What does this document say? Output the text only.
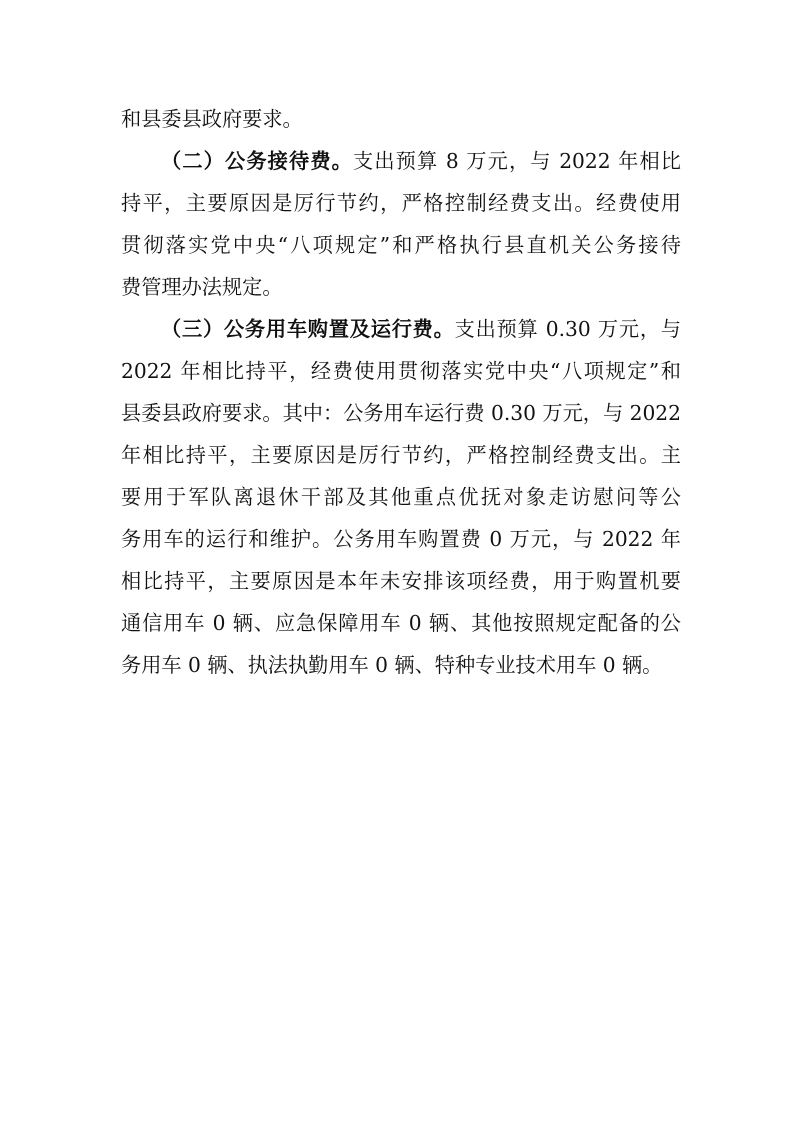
和县委县政府要求。
（二）公务接待费。支出预算 8 万元，与 2022 年相比
持平，主要原因是厉行节约，严格控制经费支出。经费使用
贯彻落实党中央“八项规定”和严格执行县直机关公务接待
费管理办法规定。
（三）公务用车购置及运行费。支出预算 0.30 万元，与
2022 年相比持平，经费使用贯彻落实党中央“八项规定”和
县委县政府要求。其中：公务用车运行费 0.30 万元，与 2022
年相比持平，主要原因是厉行节约，严格控制经费支出。主
要用于军队离退休干部及其他重点优抚对象走访慰问等公
务用车的运行和维护。公务用车购置费 0 万元，与 2022 年
相比持平，主要原因是本年未安排该项经费，用于购置机要
通信用车 0 辆、应急保障用车 0 辆、其他按照规定配备的公
务用车 0 辆、执法执勤用车 0 辆、特种专业技术用车 0 辆。
